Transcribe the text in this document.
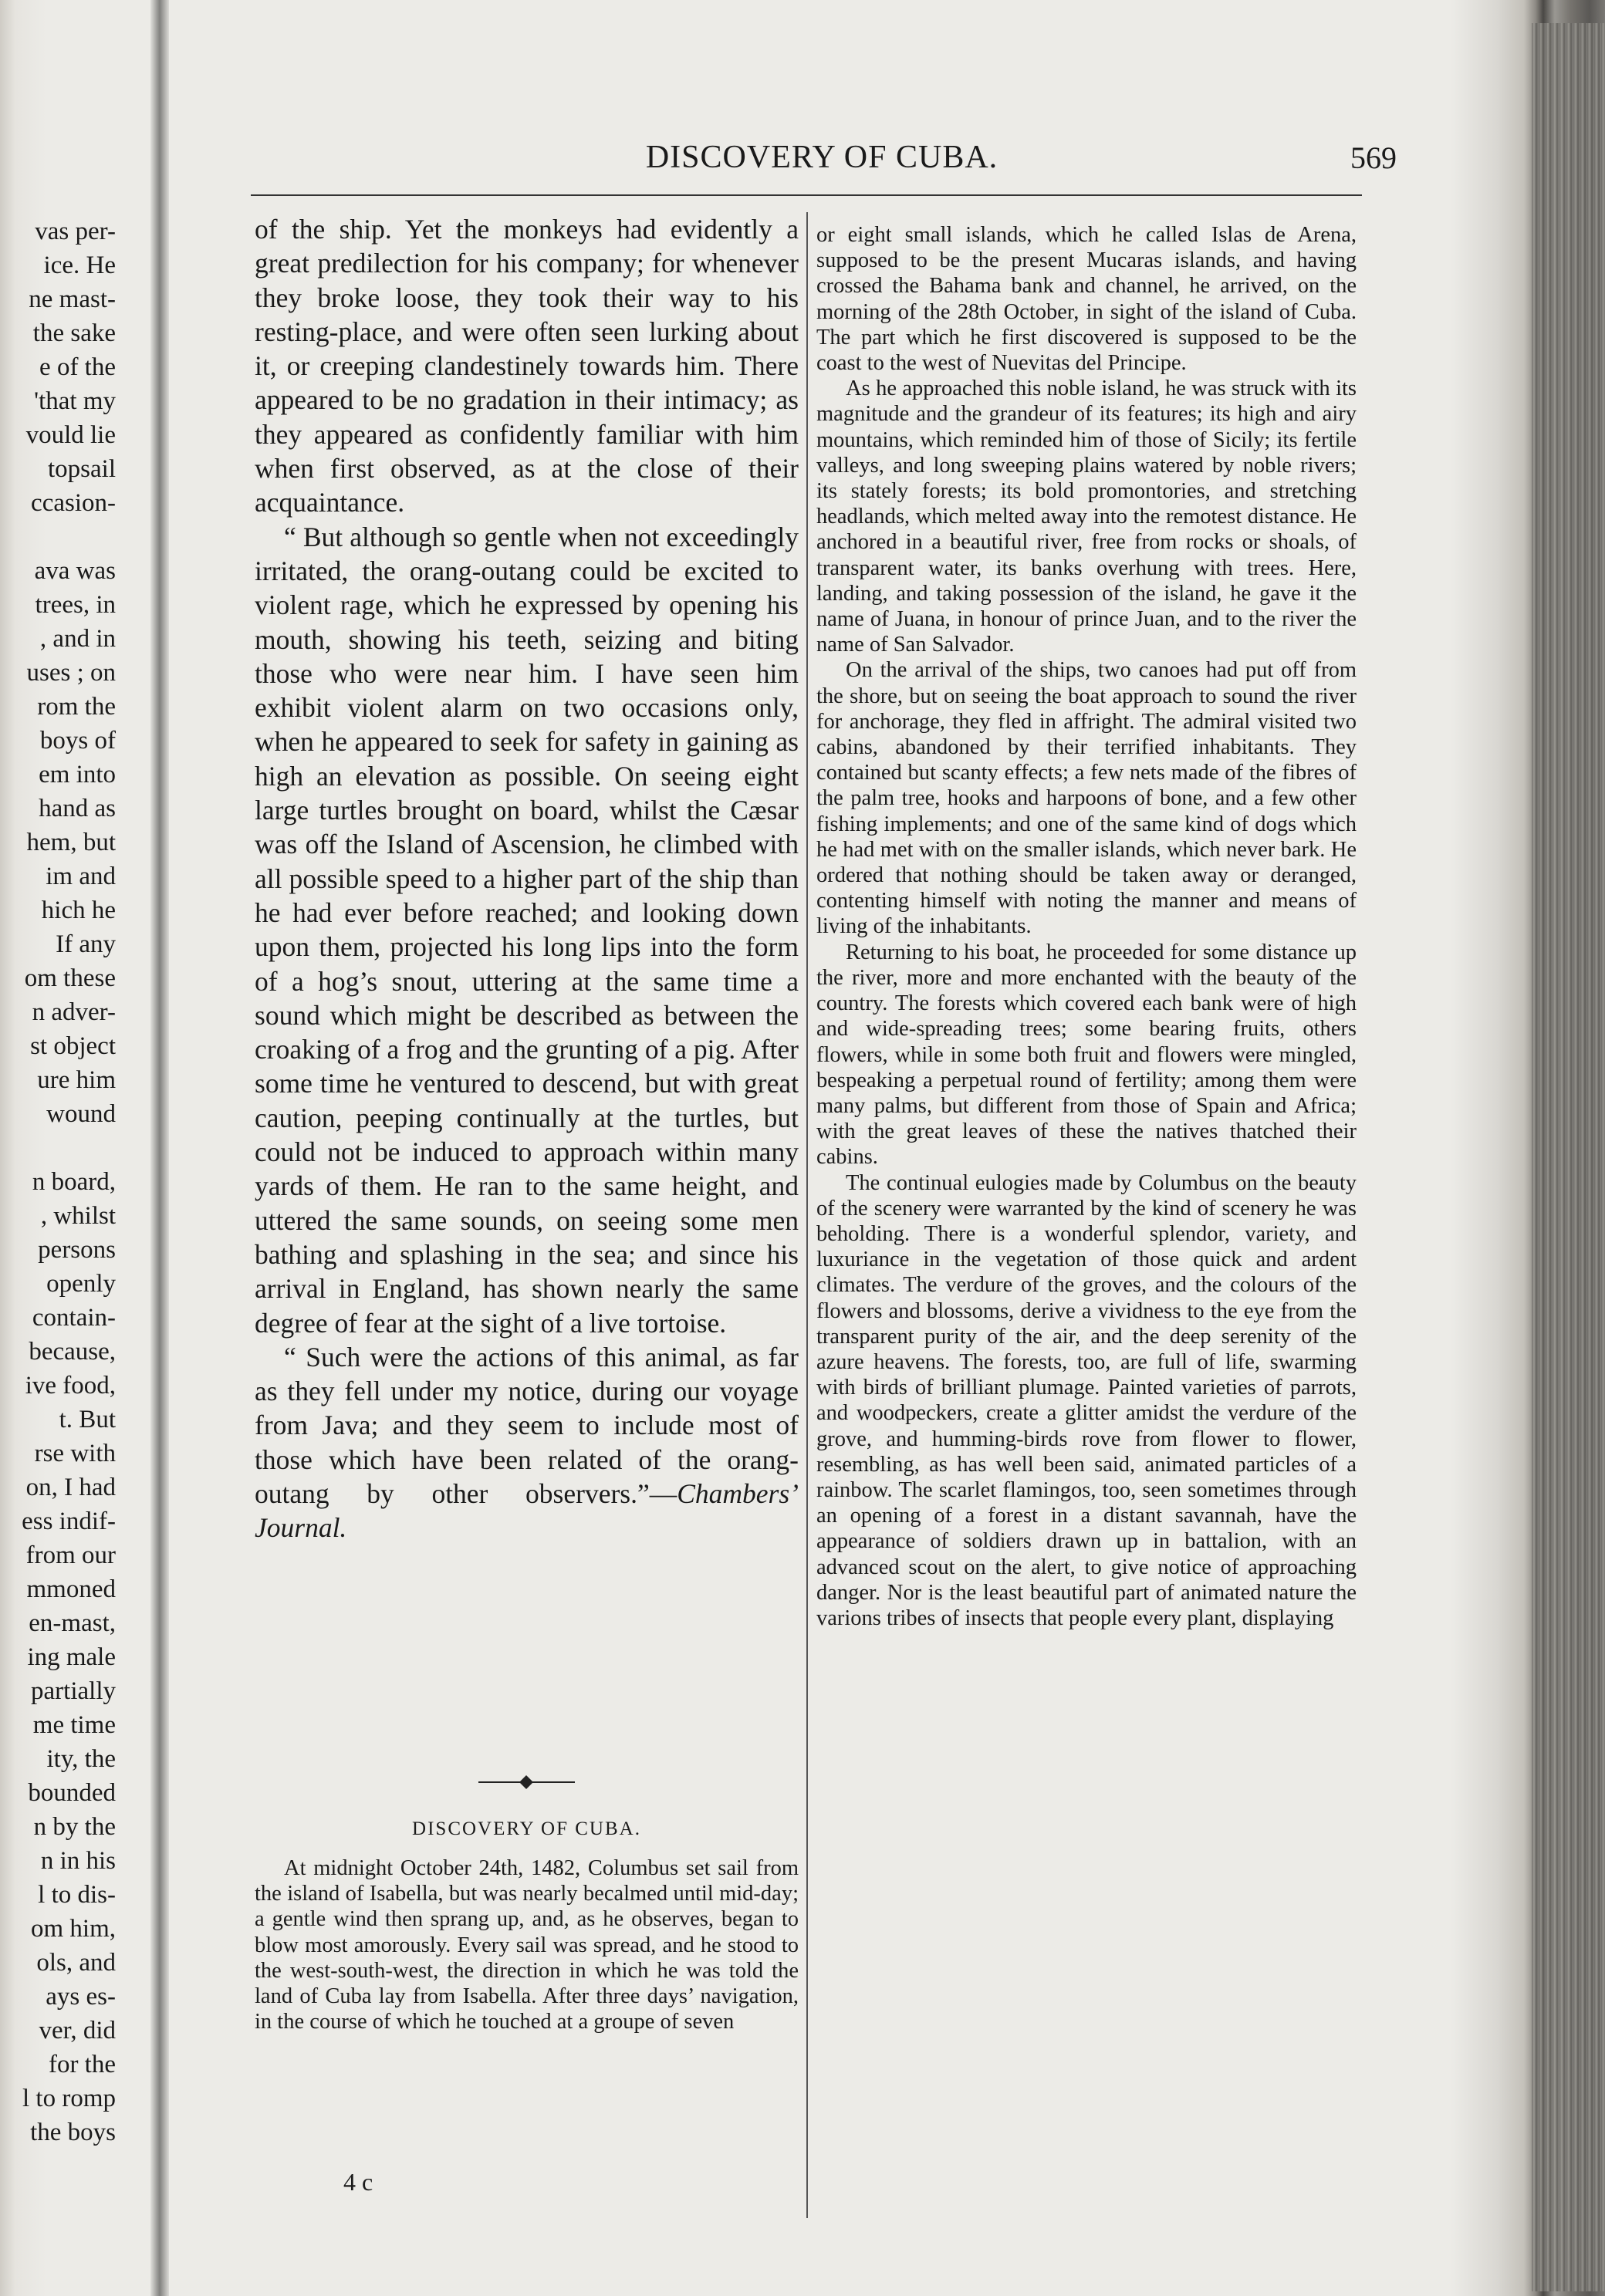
vas per-
ice. He
ne mast-
the sake
e of the
'that my
vould lie
topsail
ccasion-
ava was
trees, in
, and in
uses ; on
rom the
boys of
em into
hand as
hem, but
im and
hich he
If any
om these
n adver-
st object
ure him
wound
n board,
, whilst
persons
openly
contain-
because,
ive food,
t. But
rse with
on, I had
ess indif-
from our
mmoned
en-mast,
ing male
partially
me time
ity, the
bounded
n by the
n in his
l to dis-
om him,
ols, and
ays es-
ver, did
for the
l to romp
the boys
DISCOVERY OF CUBA.	569

of the ship. Yet the monkeys had evidently a great predilection for his company; for whenever they broke loose, they took their way to his resting-place, and were often seen lurking about it, or creeping clandestinely towards him. There appeared to be no gradation in their intimacy; as they appeared as confidently familiar with him when first observed, as at the close of their acquaintance.

“ But although so gentle when not exceedingly irritated, the orang-outang could be excited to violent rage, which he expressed by opening his mouth, showing his teeth, seizing and biting those who were near him. I have seen him exhibit violent alarm on two occasions only, when he appeared to seek for safety in gaining as high an elevation as possible. On seeing eight large turtles brought on board, whilst the Cæsar was off the Island of Ascension, he climbed with all possible speed to a higher part of the ship than he had ever before reached; and looking down upon them, projected his long lips into the form of a hog’s snout, uttering at the same time a sound which might be described as between the croaking of a frog and the grunting of a pig. After some time he ventured to descend, but with great caution, peeping continually at the turtles, but could not be induced to approach within many yards of them. He ran to the same height, and uttered the same sounds, on seeing some men bathing and splashing in the sea; and since his arrival in England, has shown nearly the same degree of fear at the sight of a live tortoise.

“ Such were the actions of this animal, as far as they fell under my notice, during our voyage from Java; and they seem to include most of those which have been related of the orang-outang by other observers.”—Chambers’ Journal.

DISCOVERY OF CUBA.

At midnight October 24th, 1482, Columbus set sail from the island of Isabella, but was nearly becalmed until mid-day; a gentle wind then sprang up, and, as he observes, began to blow most amorously. Every sail was spread, and he stood to the west-south-west, the direction in which he was told the land of Cuba lay from Isabella. After three days’ navigation, in the course of which he touched at a groupe of seven

4 c

or eight small islands, which he called Islas de Arena, supposed to be the present Mucaras islands, and having crossed the Bahama bank and channel, he arrived, on the morning of the 28th October, in sight of the island of Cuba. The part which he first discovered is supposed to be the coast to the west of Nuevitas del Principe.

As he approached this noble island, he was struck with its magnitude and the grandeur of its features; its high and airy mountains, which reminded him of those of Sicily; its fertile valleys, and long sweeping plains watered by noble rivers; its stately forests; its bold promontories, and stretching headlands, which melted away into the remotest distance. He anchored in a beautiful river, free from rocks or shoals, of transparent water, its banks overhung with trees. Here, landing, and taking possession of the island, he gave it the name of Juana, in honour of prince Juan, and to the river the name of San Salvador.

On the arrival of the ships, two canoes had put off from the shore, but on seeing the boat approach to sound the river for anchorage, they fled in affright. The admiral visited two cabins, abandoned by their terrified inhabitants. They contained but scanty effects; a few nets made of the fibres of the palm tree, hooks and harpoons of bone, and a few other fishing implements; and one of the same kind of dogs which he had met with on the smaller islands, which never bark. He ordered that nothing should be taken away or deranged, contenting himself with noting the manner and means of living of the inhabitants.

Returning to his boat, he proceeded for some distance up the river, more and more enchanted with the beauty of the country. The forests which covered each bank were of high and wide-spreading trees; some bearing fruits, others flowers, while in some both fruit and flowers were mingled, bespeaking a perpetual round of fertility; among them were many palms, but different from those of Spain and Africa; with the great leaves of these the natives thatched their cabins.

The continual eulogies made by Columbus on the beauty of the scenery were warranted by the kind of scenery he was beholding. There is a wonderful splendor, variety, and luxuriance in the vegetation of those quick and ardent climates. The verdure of the groves, and the colours of the flowers and blossoms, derive a vividness to the eye from the transparent purity of the air, and the deep serenity of the azure heavens. The forests, too, are full of life, swarming with birds of brilliant plumage. Painted varieties of parrots, and woodpeckers, create a glitter amidst the verdure of the grove, and humming-birds rove from flower to flower, resembling, as has well been said, animated particles of a rainbow. The scarlet flamingos, too, seen sometimes through an opening of a forest in a distant savannah, have the appearance of soldiers drawn up in battalion, with an advanced scout on the alert, to give notice of approaching danger. Nor is the least beautiful part of animated nature the varions tribes of insects that people every plant, displaying
